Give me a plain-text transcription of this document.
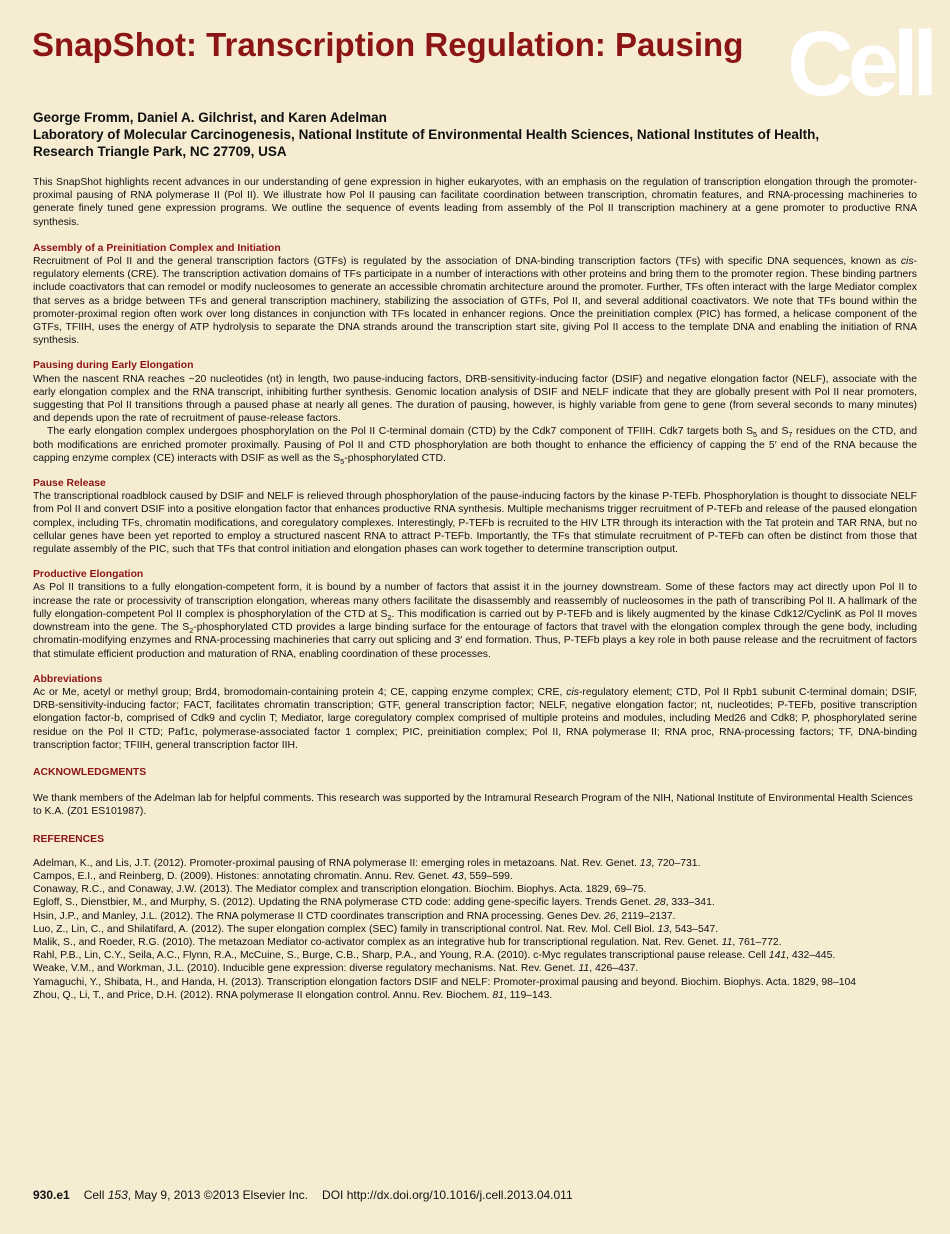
SnapShot: Transcription Regulation: Pausing Cell
George Fromm, Daniel A. Gilchrist, and Karen Adelman
Laboratory of Molecular Carcinogenesis, National Institute of Environmental Health Sciences, National Institutes of Health,
Research Triangle Park, NC 27709, USA

This SnapShot highlights recent advances in our understanding of gene expression in higher eukaryotes, with an emphasis on the regulation of transcription elongation through the promoter-proximal pausing of RNA polymerase II (Pol II). We illustrate how Pol II pausing can facilitate coordination between transcription, chromatin features, and RNA-processing machineries to generate finely tuned gene expression programs. We outline the sequence of events leading from assembly of the Pol II transcription machinery at a gene promoter to productive RNA synthesis.

Assembly of a Preinitiation Complex and Initiation

Recruitment of Pol II and the general transcription factors (GTFs) is regulated by the association of DNA-binding transcription factors (TFs) with specific DNA sequences, known as cis-regulatory elements (CRE). The transcription activation domains of TFs participate in a number of interactions with other proteins and bring them to the promoter region. These binding partners include coactivators that can remodel or modify nucleosomes to generate an accessible chromatin architecture around the promoter. Further, TFs often interact with the large Mediator complex that serves as a bridge between TFs and general transcription machinery, stabilizing the association of GTFs, Pol II, and several additional coactivators. We note that TFs bound within the promoter-proximal region often work over long distances in conjunction with TFs located in enhancer regions. Once the preinitiation complex (PIC) has formed, a helicase component of the GTFs, TFIIH, uses the energy of ATP hydrolysis to separate the DNA strands around the transcription start site, giving Pol II access to the template DNA and enabling the initiation of RNA synthesis.

Pausing during Early Elongation

When the nascent RNA reaches ~20 nucleotides (nt) in length, two pause-inducing factors, DRB-sensitivity-inducing factor (DSIF) and negative elongation factor (NELF), associate with the early elongation complex and the RNA transcript, inhibiting further synthesis. Genomic location analysis of DSIF and NELF indicate that they are globally present with Pol II near promoters, suggesting that Pol II transitions through a paused phase at nearly all genes. The duration of pausing, however, is highly variable from gene to gene (from several seconds to many minutes) and depends upon the rate of recruitment of pause-release factors.

The early elongation complex undergoes phosphorylation on the Pol II C-terminal domain (CTD) by the Cdk7 component of TFIIH. Cdk7 targets both $S_5$ and $S_7$ residues on the CTD, and both modifications are enriched promoter proximally. Pausing of Pol II and CTD phosphorylation are both thought to enhance the efficiency of capping the 5′ end of the RNA because the capping enzyme complex (CE) interacts with DSIF as well as the $S_5$-phosphorylated CTD.

Pause Release

The transcriptional roadblock caused by DSIF and NELF is relieved through phosphorylation of the pause-inducing factors by the kinase P-TEFb. Phosphorylation is thought to dissociate NELF from Pol II and convert DSIF into a positive elongation factor that enhances productive RNA synthesis. Multiple mechanisms trigger recruitment of P-TEFb and release of the paused elongation complex, including TFs, chromatin modifications, and coregulatory complexes. Interestingly, P-TEFb is recruited to the HIV LTR through its interaction with the Tat protein and TAR RNA, but no cellular genes have been yet reported to employ a structured nascent RNA to attract P-TEFb. Importantly, the TFs that stimulate recruitment of P-TEFb can often be distinct from those that regulate assembly of the PIC, such that TFs that control initiation and elongation phases can work together to determine transcription output.

Productive Elongation

As Pol II transitions to a fully elongation-competent form, it is bound by a number of factors that assist it in the journey downstream. Some of these factors may act directly upon Pol II to increase the rate or processivity of transcription elongation, whereas many others facilitate the disassembly and reassembly of nucleosomes in the path of transcribing Pol II. A hallmark of the fully elongation-competent Pol II complex is phosphorylation of the CTD at $S_2$. This modification is carried out by P-TEFb and is likely augmented by the kinase Cdk12/CyclinK as Pol II moves downstream into the gene. The $S_2$-phosphorylated CTD provides a large binding surface for the entourage of factors that travel with the elongation complex through the gene body, including chromatin-modifying enzymes and RNA-processing machineries that carry out splicing and 3′ end formation. Thus, P-TEFb plays a key role in both pause release and the recruitment of factors that stimulate efficient production and maturation of RNA, enabling coordination of these processes.

Abbreviations

Ac or Me, acetyl or methyl group; Brd4, bromodomain-containing protein 4; CE, capping enzyme complex; CRE, cis-regulatory element; CTD, Pol II Rpb1 subunit C-terminal domain; DSIF, DRB-sensitivity-inducing factor; FACT, facilitates chromatin transcription; GTF, general transcription factor; NELF, negative elongation factor; nt, nucleotides; P-TEFb, positive transcription elongation factor-b, comprised of Cdk9 and cyclin T; Mediator, large coregulatory complex comprised of multiple proteins and modules, including Med26 and Cdk8; P, phosphorylated serine residue on the Pol II CTD; Paf1c, polymerase-associated factor 1 complex; PIC, preinitiation complex; Pol II, RNA polymerase II; RNA proc, RNA-processing factors; TF, DNA-binding transcription factor; TFIIH, general transcription factor IIH.

ACKNOWLEDGMENTS

We thank members of the Adelman lab for helpful comments. This research was supported by the Intramural Research Program of the NIH, National Institute of Environmental Health Sciences to K.A. (Z01 ES101987).

REFERENCES

Adelman, K., and Lis, J.T. (2012). Promoter-proximal pausing of RNA polymerase II: emerging roles in metazoans. Nat. Rev. Genet. 13, 720–731.

Campos, E.I., and Reinberg, D. (2009). Histones: annotating chromatin. Annu. Rev. Genet. 43, 559–599.

Conaway, R.C., and Conaway, J.W. (2013). The Mediator complex and transcription elongation. Biochim. Biophys. Acta. 1829, 69–75.

Egloff, S., Dienstbier, M., and Murphy, S. (2012). Updating the RNA polymerase CTD code: adding gene-specific layers. Trends Genet. 28, 333–341.

Hsin, J.P., and Manley, J.L. (2012). The RNA polymerase II CTD coordinates transcription and RNA processing. Genes Dev. 26, 2119–2137.

Luo, Z., Lin, C., and Shilatifard, A. (2012). The super elongation complex (SEC) family in transcriptional control. Nat. Rev. Mol. Cell Biol. 13, 543–547.

Malik, S., and Roeder, R.G. (2010). The metazoan Mediator co-activator complex as an integrative hub for transcriptional regulation. Nat. Rev. Genet. 11, 761–772.

Rahl, P.B., Lin, C.Y., Seila, A.C., Flynn, R.A., McCuine, S., Burge, C.B., Sharp, P.A., and Young, R.A. (2010). c-Myc regulates transcriptional pause release. Cell 141, 432–445.

Weake, V.M., and Workman, J.L. (2010). Inducible gene expression: diverse regulatory mechanisms. Nat. Rev. Genet. 11, 426–437.

Yamaguchi, Y., Shibata, H., and Handa, H. (2013). Transcription elongation factors DSIF and NELF: Promoter-proximal pausing and beyond. Biochim. Biophys. Acta. 1829, 98–104

Zhou, Q., Li, T., and Price, D.H. (2012). RNA polymerase II elongation control. Annu. Rev. Biochem. 81, 119–143.

930.e1 Cell 153, May 9, 2013 ©2013 Elsevier Inc. DOI http://dx.doi.org/10.1016/j.cell.2013.04.011
